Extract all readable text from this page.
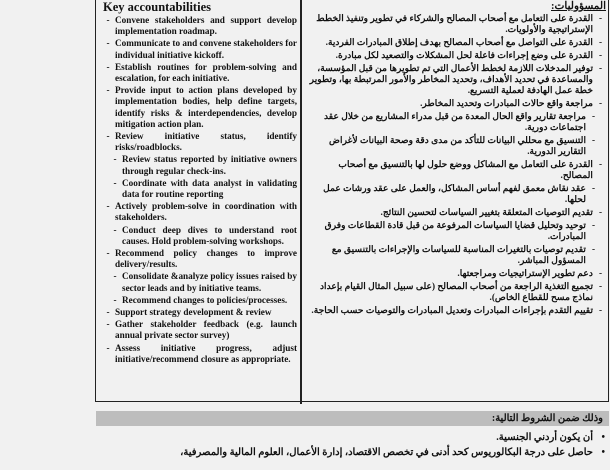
Key accountabilities
- Convene stakeholders and support develop implementation roadmap.
- Communicate to and convene stakeholders for individual initiative kickoff.
- Establish routines for problem-solving and escalation, for each initiative.
- Provide input to action plans developed by implementation bodies, help define targets, identify risks & interdependencies, develop mitigation action plan.
- Review initiative status, identify risks/roadblocks.
- Review status reported by initiative owners through regular check-ins.
- Coordinate with data analyst in validating data for routine reporting
- Actively problem-solve in coordination with stakeholders.
- Conduct deep dives to understand root causes. Hold problem-solving workshops.
- Recommend policy changes to improve delivery/results.
- Consolidate &analyze policy issues raised by sector leads and by initiative teams.
- Recommend changes to policies/processes.
- Support strategy development & review
- Gather stakeholder feedback (e.g. launch annual private sector survey)
- Assess initiative progress, adjust initiative/recommend closure as appropriate.
المسؤوليات:
-
القدرة على التعامل مع أصحاب المصالح والشركاء في تطوير وتنفيذ الخطط الإستراتيجية والأولويات.
-
القدرة على التواصل مع أصحاب المصالح بهدف إطلاق المبادرات الفردية.
-
القدرة على وضع إجراءات فاعلة لحل المشكلات والتصعيد لكل مبادرة.
-
توفير المدخلات اللازمة لخطط الأعمال التي تم تطويرها من قبل المؤسسة، والمساعدة في تحديد الأهداف، وتحديد المخاطر والأمور المرتبطة بها، وتطوير خطة عمل الهادفة لعملية التسريع.
-
مراجعة واقع حالات المبادرات وتحديد المخاطر.
-
مراجعة تقارير واقع الحال المعدة من قبل مدراء المشاريع من خلال عقد اجتماعات دورية.
-
التنسيق مع محللي البيانات للتأكد من مدى دقة وصحة البيانات لأغراض التقارير الدورية.
-
القدرة على التعامل مع المشاكل ووضع حلول لها بالتنسيق مع أصحاب المصالح.
-
عقد نقاش معمق لفهم أساس المشاكل، والعمل على عقد ورشات عمل لحلها.
-
تقديم التوصيات المتعلقة بتغيير السياسات لتحسين النتائج.
-
توحيد وتحليل قضايا السياسات المرفوعة من قبل قادة القطاعات وفرق المبادرات.
-
تقديم توصيات بالتغيرات المناسبة للسياسات والإجراءات بالتنسيق مع المسؤول المباشر.
-
دعم تطوير الإستراتيجيات ومراجعتها.
-
تجميع التغذية الراجعة من أصحاب المصالح (على سبيل المثال القيام بإعداد نماذج مسح للقطاع الخاص).
-
تقييم التقدم بإجراءات المبادرات وتعديل المبادرات والتوصيات حسب الحاجة.
وذلك ضمن الشروط التالية:
•
أن يكون أردني الجنسية.
•
حاصل على درجة البكالوريوس كحد أدنى في تخصص الاقتصاد، إدارة الأعمال، العلوم المالية والمصرفية،
